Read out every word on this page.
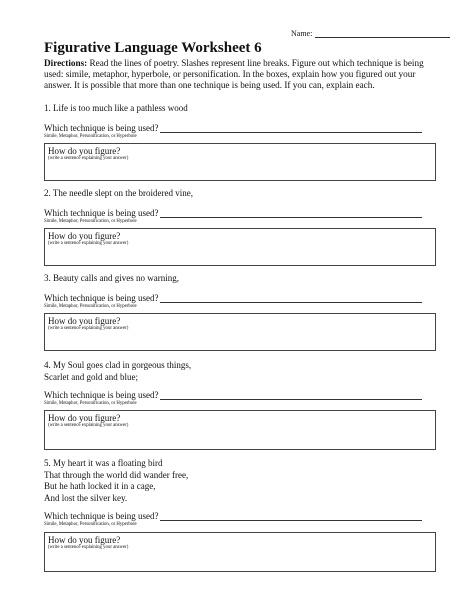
Name:
Figurative Language Worksheet 6
Directions: Read the lines of poetry. Slashes represent line breaks. Figure out which technique is being used: simile, metaphor, hyperbole, or personification. In the boxes, explain how you figured out your answer. It is possible that more than one technique is being used. If you can, explain each.
1. Life is too much like a pathless wood
Which technique is being used?
Simile, Metaphor, Personification, or Hyperbole
How do you figure?
(write a sentence explaining your answer)
2. The needle slept on the broidered vine,
Which technique is being used?
Simile, Metaphor, Personification, or Hyperbole
How do you figure?
(write a sentence explaining your answer)
3. Beauty calls and gives no warning,
Which technique is being used?
Simile, Metaphor, Personification, or Hyperbole
How do you figure?
(write a sentence explaining your answer)
4. My Soul goes clad in gorgeous things,
Scarlet and gold and blue;
Which technique is being used?
Simile, Metaphor, Personification, or Hyperbole
How do you figure?
(write a sentence explaining your answer)
5. My heart it was a floating bird
That through the world did wander free,
But he hath locked it in a cage,
And lost the silver key.
Which technique is being used?
Simile, Metaphor, Personification, or Hyperbole
How do you figure?
(write a sentence explaining your answer)
